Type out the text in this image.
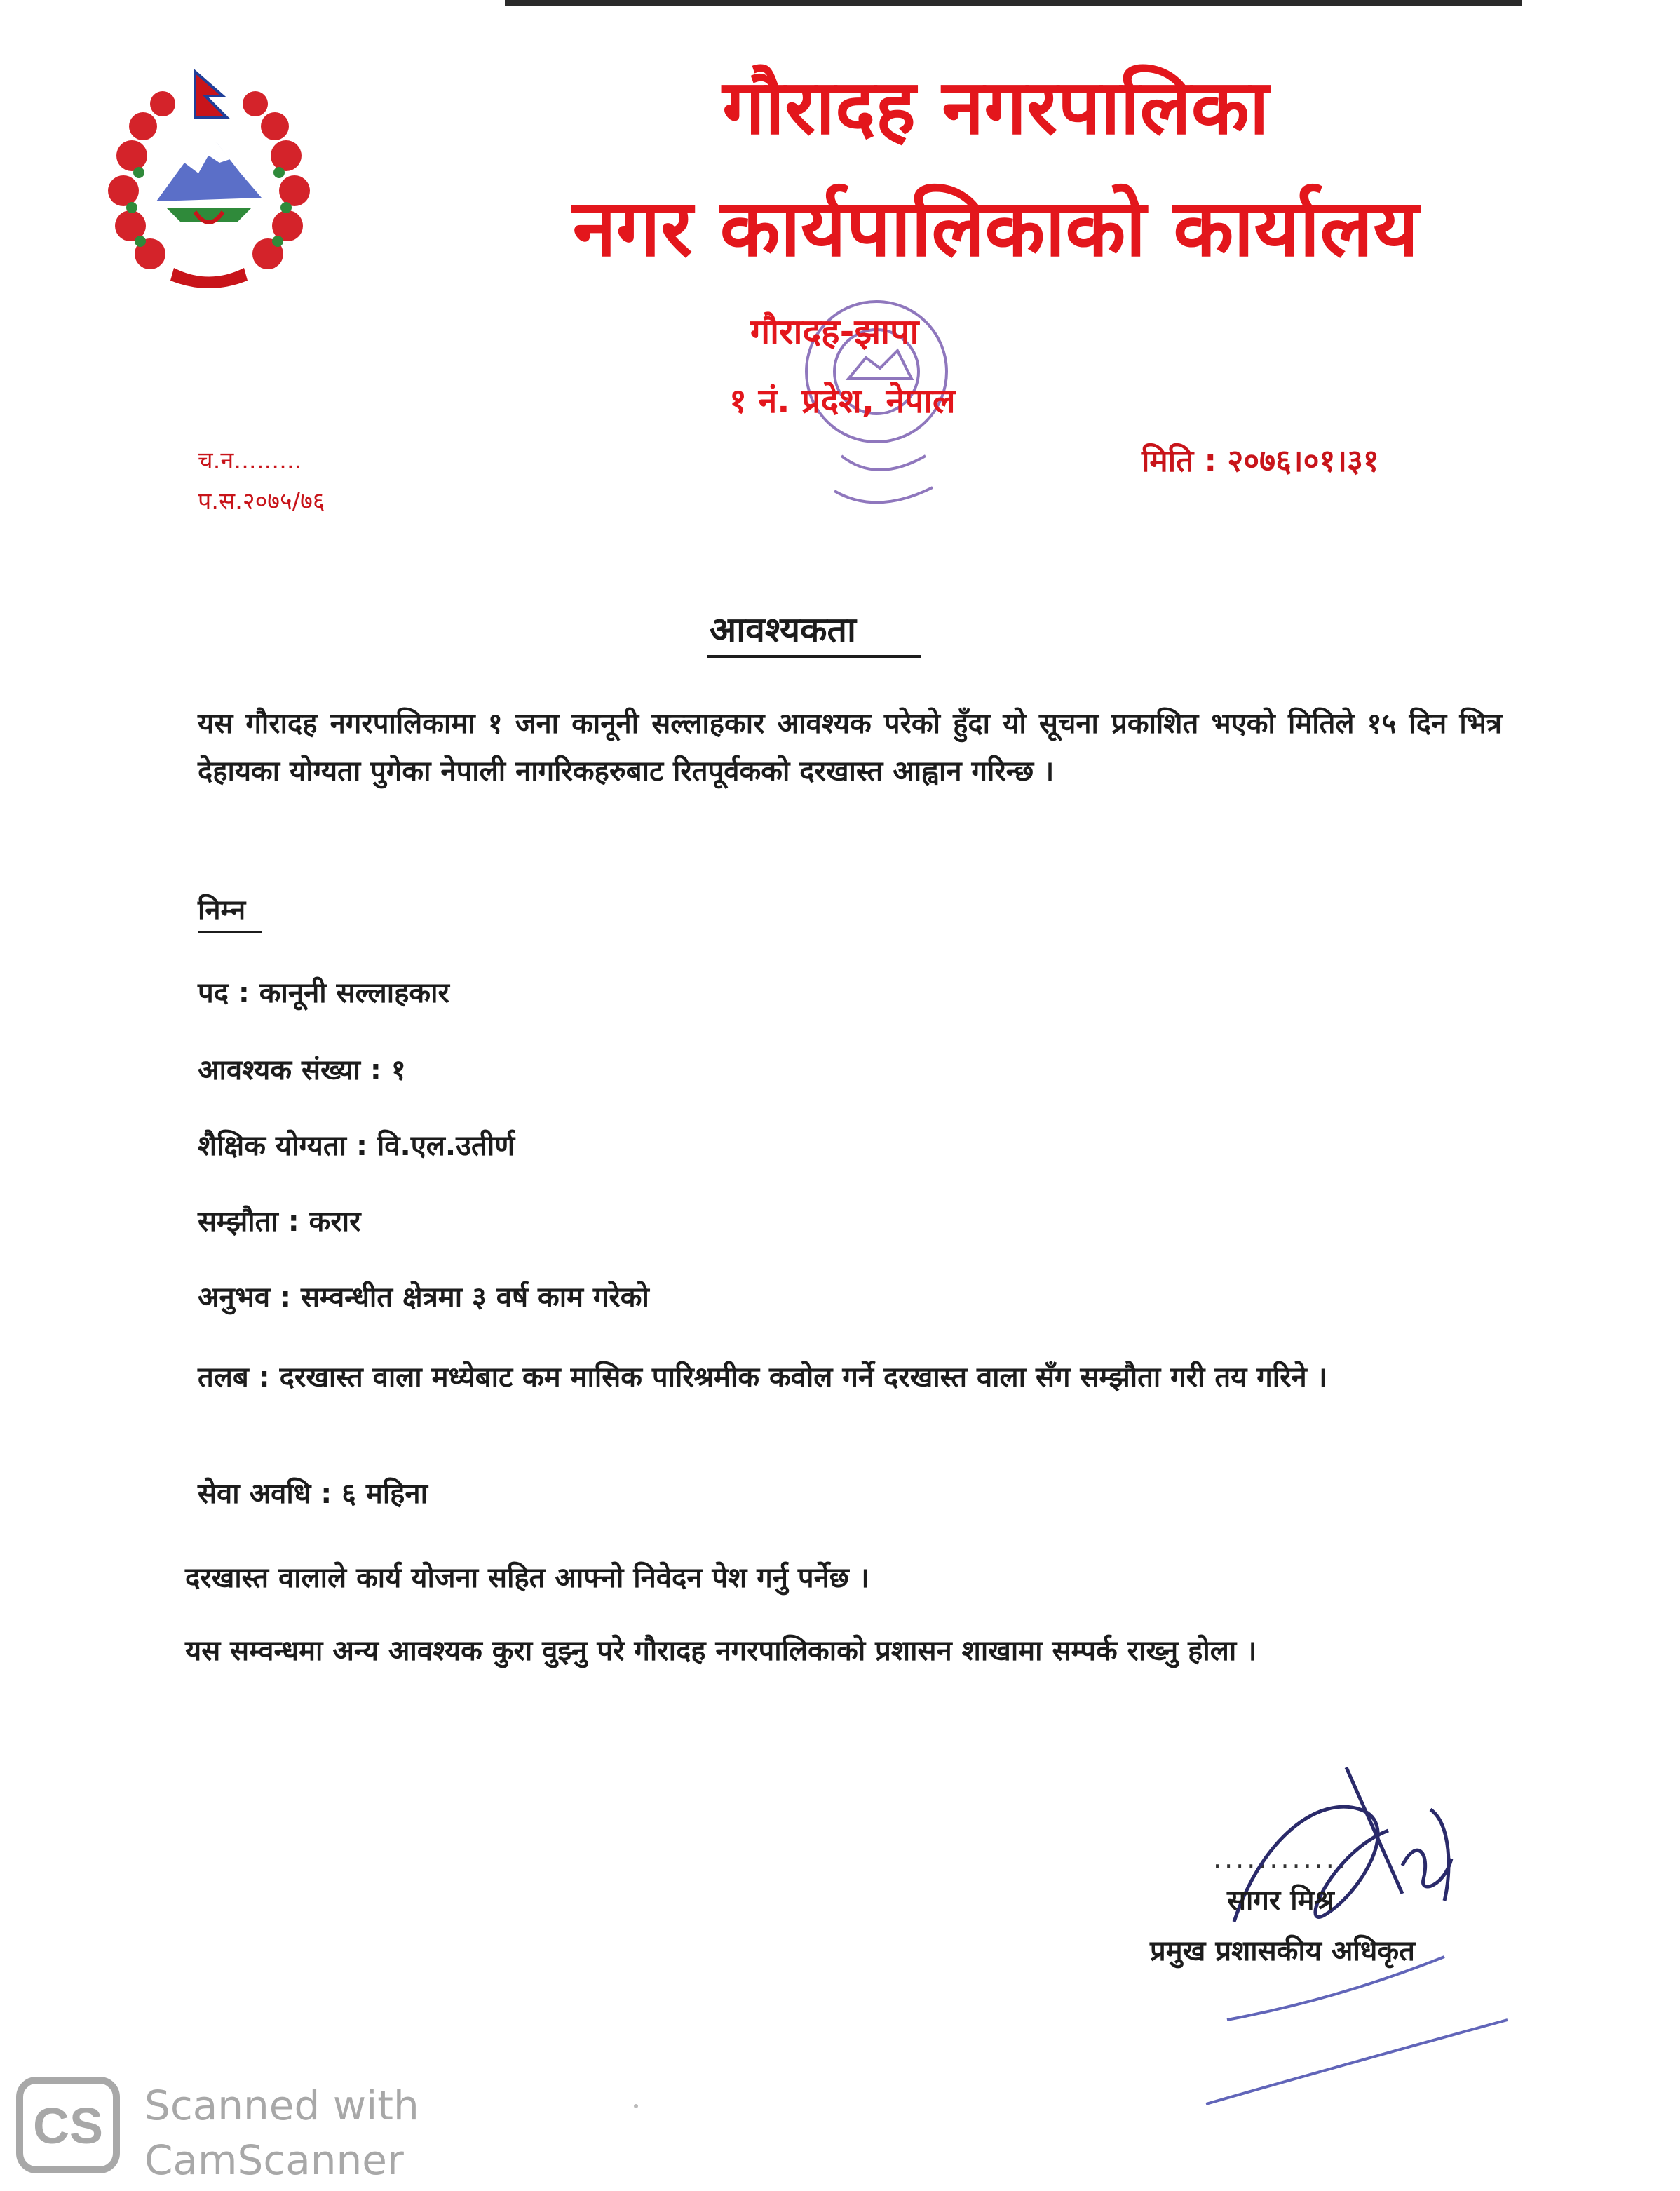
गौरादह नगरपालिका
नगर कार्यपालिकाको कार्यालय
गौरादह-झापा
१ नं. प्रदेश, नेपाल
च.न.........
प.स.२०७५/७६
मिति : २०७६।०१।३१
आवश्यकता
यस गौरादह नगरपालिकामा १ जना कानूनी सल्लाहकार आवश्यक परेको हुँदा यो सूचना प्रकाशित भएको मितिले १५ दिन भित्र देहायका योग्यता पुगेका नेपाली नागरिकहरुबाट रितपूर्वकको दरखास्त आह्वान गरिन्छ ।
निम्न
पद : कानूनी सल्लाहकार
आवश्यक संख्या : १
शैक्षिक योग्यता : वि.एल.उतीर्ण
सम्झौता : करार
अनुभव : सम्वन्धीत क्षेत्रमा ३ वर्ष काम गरेको
तलब : दरखास्त वाला मध्येबाट कम मासिक पारिश्रमीक कवोल गर्ने दरखास्त वाला सँग सम्झौता गरी तय गरिने ।
सेवा अवधि : ६ महिना
दरखास्त वालाले कार्य योजना सहित आफ्नो निवेदन पेश गर्नु पर्नेछ ।
यस सम्वन्धमा अन्य आवश्यक कुरा वुझ्नु परे गौरादह नगरपालिकाको प्रशासन शाखामा सम्पर्क राख्नु होला ।
............
सागर मिश्र
प्रमुख प्रशासकीय अधिकृत
CS Scanned with
CamScanner
